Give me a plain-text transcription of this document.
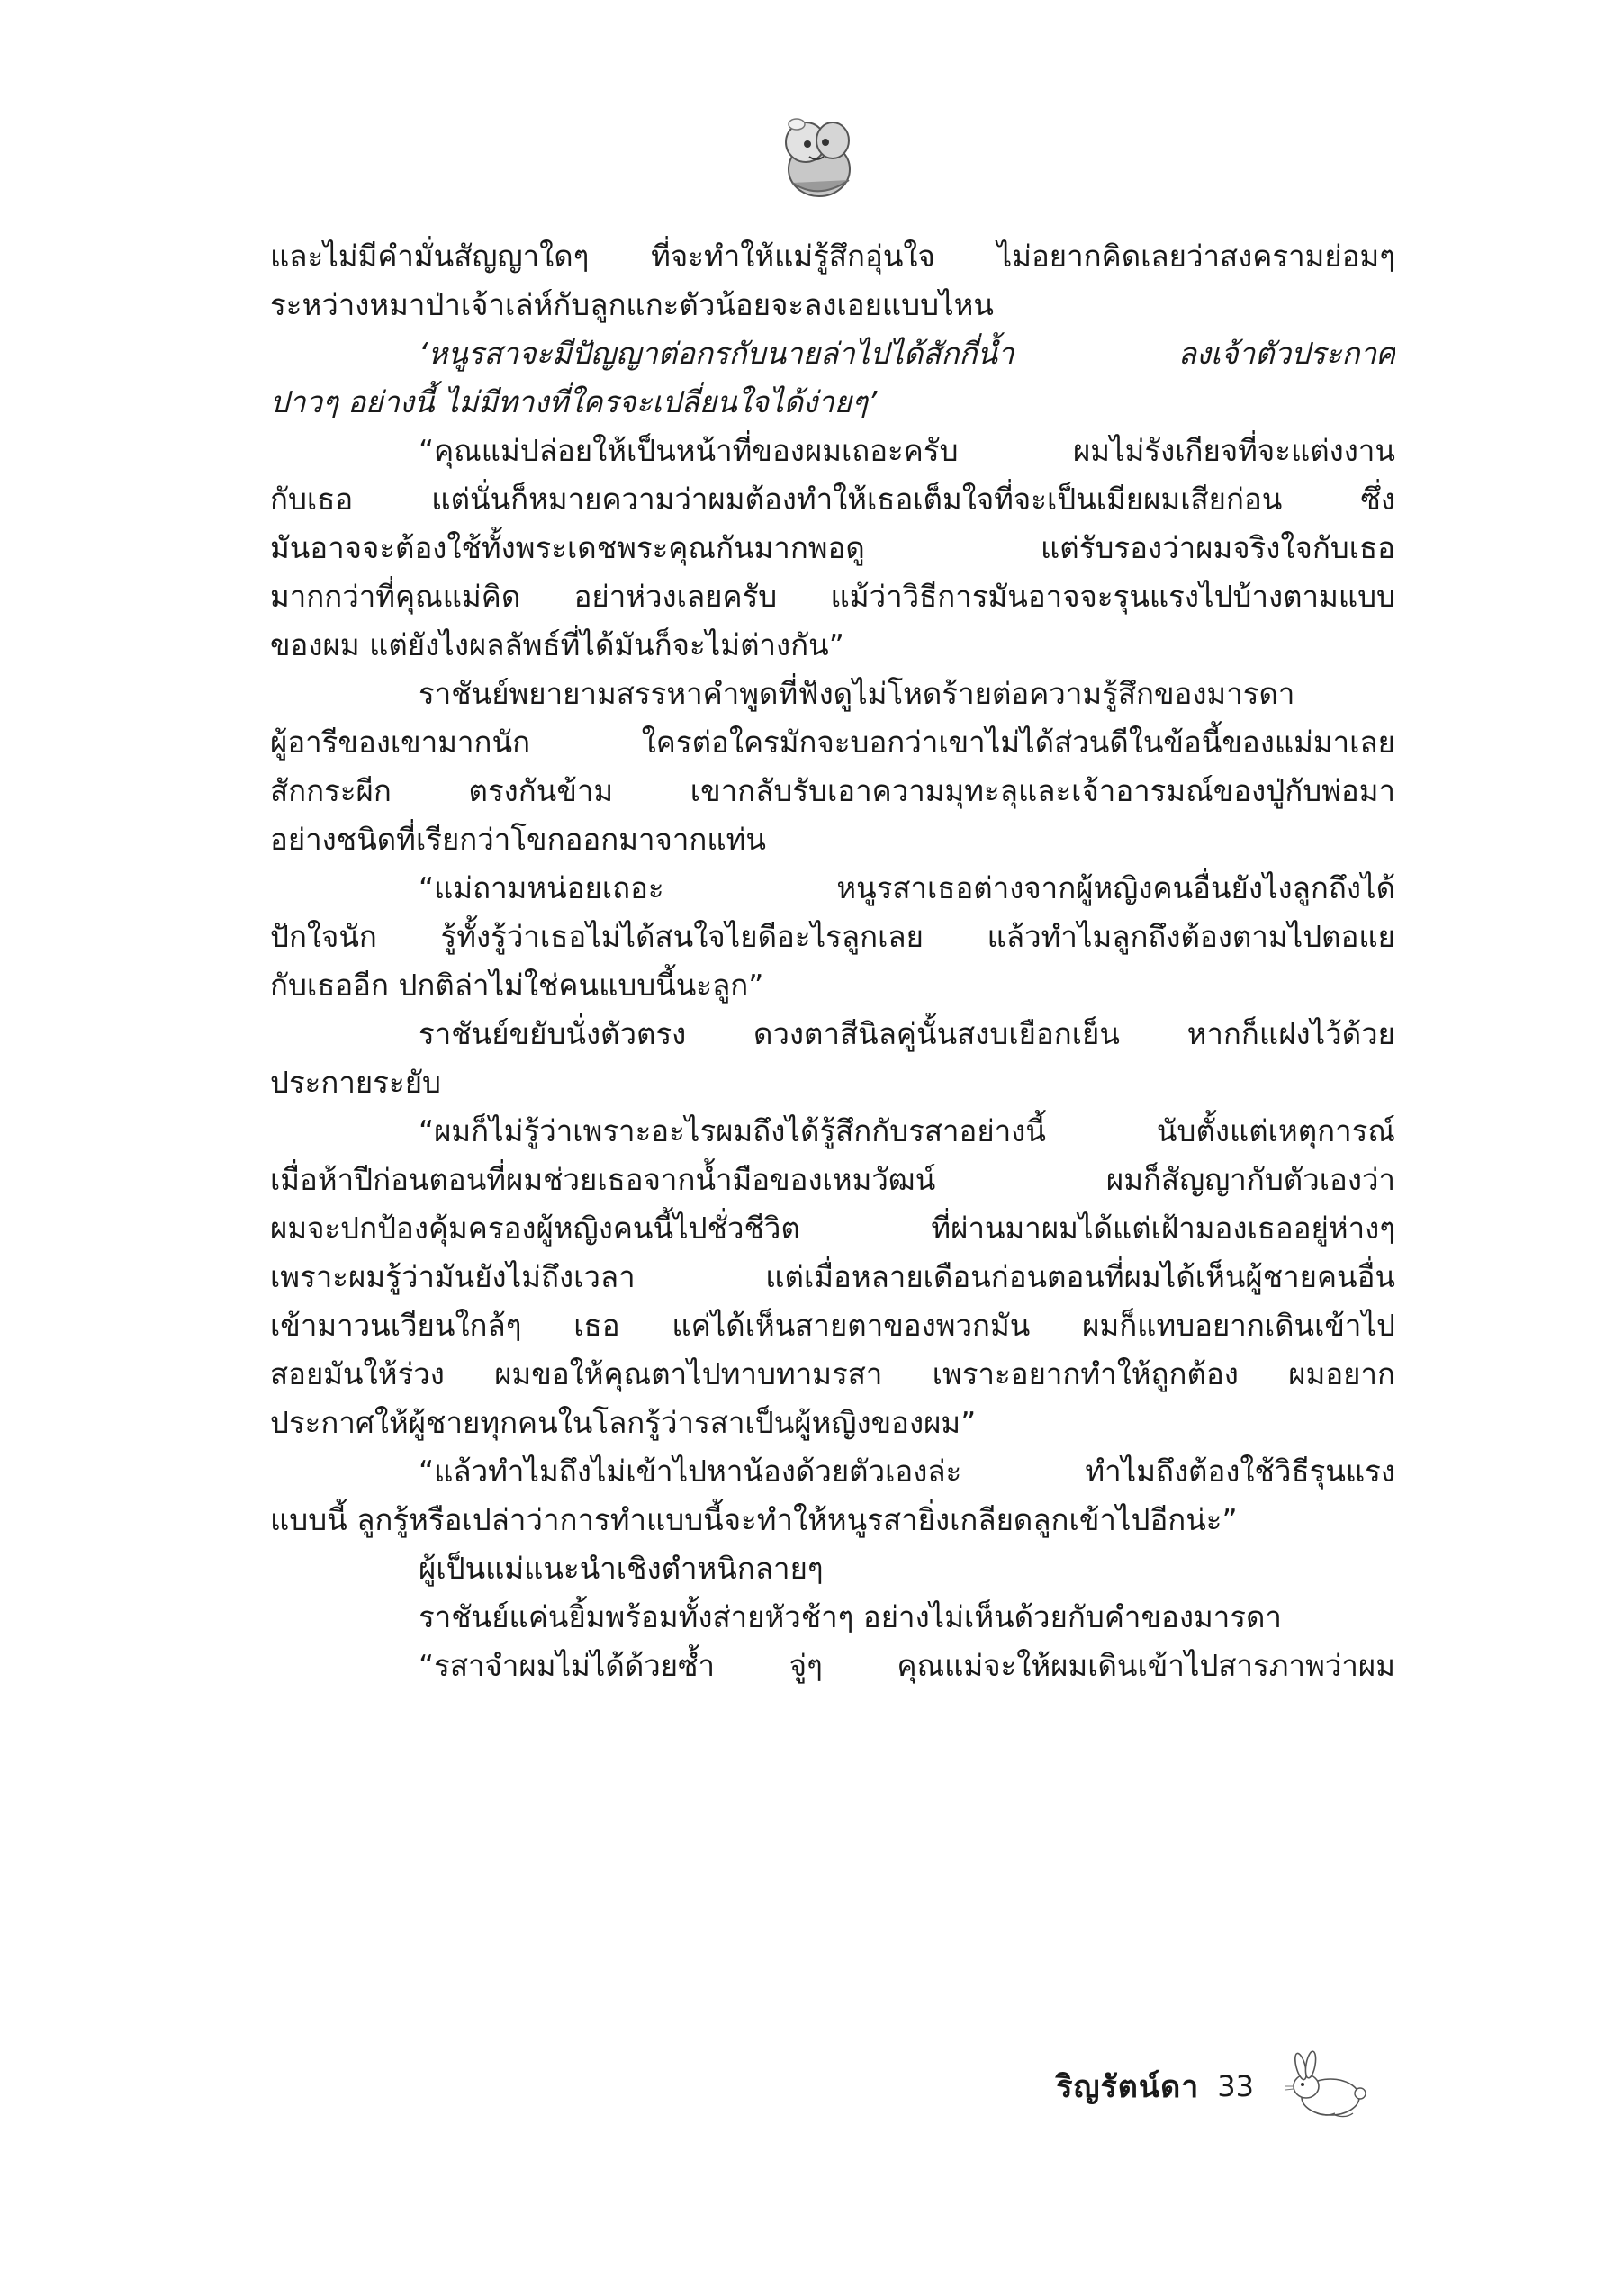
และไม่มีคำมั่นสัญญาใดๆ ที่จะทำให้แม่รู้สึกอุ่นใจ ไม่อยากคิดเลยว่าสงครามย่อมๆ
ระหว่างหมาป่าเจ้าเล่ห์กับลูกแกะตัวน้อยจะลงเอยแบบไหน
‘หนูรสาจะมีปัญญาต่อกรกับนายล่าไปได้สักกี่น้ำ ลงเจ้าตัวประกาศ
ปาวๆ อย่างนี้ ไม่มีทางที่ใครจะเปลี่ยนใจได้ง่ายๆ’
“คุณแม่ปล่อยให้เป็นหน้าที่ของผมเถอะครับ ผมไม่รังเกียจที่จะแต่งงาน
กับเธอ แต่นั่นก็หมายความว่าผมต้องทำให้เธอเต็มใจที่จะเป็นเมียผมเสียก่อน ซึ่ง
มันอาจจะต้องใช้ทั้งพระเดชพระคุณกันมากพอดู แต่รับรองว่าผมจริงใจกับเธอ
มากกว่าที่คุณแม่คิด อย่าห่วงเลยครับ แม้ว่าวิธีการมันอาจจะรุนแรงไปบ้างตามแบบ
ของผม แต่ยังไงผลลัพธ์ที่ได้มันก็จะไม่ต่างกัน”
ราชันย์พยายามสรรหาคำพูดที่ฟังดูไม่โหดร้ายต่อความรู้สึกของมารดา
ผู้อารีของเขามากนัก ใครต่อใครมักจะบอกว่าเขาไม่ได้ส่วนดีในข้อนี้ของแม่มาเลย
สักกระผีก ตรงกันข้าม เขากลับรับเอาความมุทะลุและเจ้าอารมณ์ของปู่กับพ่อมา
อย่างชนิดที่เรียกว่าโขกออกมาจากแท่น
“แม่ถามหน่อยเถอะ หนูรสาเธอต่างจากผู้หญิงคนอื่นยังไงลูกถึงได้
ปักใจนัก รู้ทั้งรู้ว่าเธอไม่ได้สนใจไยดีอะไรลูกเลย แล้วทำไมลูกถึงต้องตามไปตอแย
กับเธออีก ปกติล่าไม่ใช่คนแบบนี้นะลูก”
ราชันย์ขยับนั่งตัวตรง ดวงตาสีนิลคู่นั้นสงบเยือกเย็น หากก็แฝงไว้ด้วย
ประกายระยับ
“ผมก็ไม่รู้ว่าเพราะอะไรผมถึงได้รู้สึกกับรสาอย่างนี้ นับตั้งแต่เหตุการณ์
เมื่อห้าปีก่อนตอนที่ผมช่วยเธอจากน้ำมือของเหมวัฒน์ ผมก็สัญญากับตัวเองว่า
ผมจะปกป้องคุ้มครองผู้หญิงคนนี้ไปชั่วชีวิต ที่ผ่านมาผมได้แต่เฝ้ามองเธออยู่ห่างๆ
เพราะผมรู้ว่ามันยังไม่ถึงเวลา แต่เมื่อหลายเดือนก่อนตอนที่ผมได้เห็นผู้ชายคนอื่น
เข้ามาวนเวียนใกล้ๆ เธอ แค่ได้เห็นสายตาของพวกมัน ผมก็แทบอยากเดินเข้าไป
สอยมันให้ร่วง ผมขอให้คุณตาไปทาบทามรสา เพราะอยากทำให้ถูกต้อง ผมอยาก
ประกาศให้ผู้ชายทุกคนในโลกรู้ว่ารสาเป็นผู้หญิงของผม”
“แล้วทำไมถึงไม่เข้าไปหาน้องด้วยตัวเองล่ะ ทำไมถึงต้องใช้วิธีรุนแรง
แบบนี้ ลูกรู้หรือเปล่าว่าการทำแบบนี้จะทำให้หนูรสายิ่งเกลียดลูกเข้าไปอีกน่ะ”
ผู้เป็นแม่แนะนำเชิงตำหนิกลายๆ
ราชันย์แค่นยิ้มพร้อมทั้งส่ายหัวช้าๆ อย่างไม่เห็นด้วยกับคำของมารดา
“รสาจำผมไม่ได้ด้วยซ้ำ จู่ๆ คุณแม่จะให้ผมเดินเข้าไปสารภาพว่าผม
ริญรัตน์ดา 33
